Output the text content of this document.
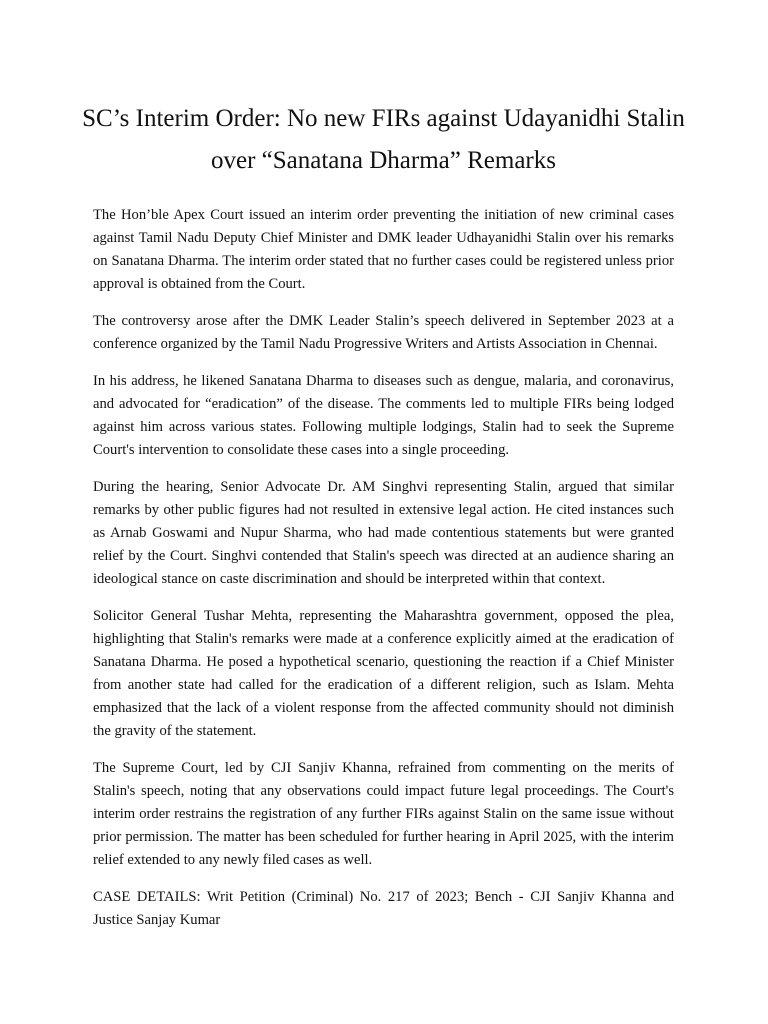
SC’s Interim Order: No new FIRs against Udayanidhi Stalin over “Sanatana Dharma” Remarks

The Hon’ble Apex Court issued an interim order preventing the initiation of new criminal cases against Tamil Nadu Deputy Chief Minister and DMK leader Udhayanidhi Stalin over his remarks on Sanatana Dharma. The interim order stated that no further cases could be registered unless prior approval is obtained from the Court.

The controversy arose after the DMK Leader Stalin’s speech delivered in September 2023 at a conference organized by the Tamil Nadu Progressive Writers and Artists Association in Chennai.

In his address, he likened Sanatana Dharma to diseases such as dengue, malaria, and coronavirus, and advocated for “eradication” of the disease. The comments led to multiple FIRs being lodged against him across various states. Following multiple lodgings, Stalin had to seek the Supreme Court's intervention to consolidate these cases into a single proceeding.

During the hearing, Senior Advocate Dr. AM Singhvi representing Stalin, argued that similar remarks by other public figures had not resulted in extensive legal action. He cited instances such as Arnab Goswami and Nupur Sharma, who had made contentious statements but were granted relief by the Court. Singhvi contended that Stalin's speech was directed at an audience sharing an ideological stance on caste discrimination and should be interpreted within that context.

Solicitor General Tushar Mehta, representing the Maharashtra government, opposed the plea, highlighting that Stalin's remarks were made at a conference explicitly aimed at the eradication of Sanatana Dharma. He posed a hypothetical scenario, questioning the reaction if a Chief Minister from another state had called for the eradication of a different religion, such as Islam. Mehta emphasized that the lack of a violent response from the affected community should not diminish the gravity of the statement.

The Supreme Court, led by CJI Sanjiv Khanna, refrained from commenting on the merits of Stalin's speech, noting that any observations could impact future legal proceedings. The Court's interim order restrains the registration of any further FIRs against Stalin on the same issue without prior permission. The matter has been scheduled for further hearing in April 2025, with the interim relief extended to any newly filed cases as well.

CASE DETAILS: Writ Petition (Criminal) No. 217 of 2023; Bench - CJI Sanjiv Khanna and Justice Sanjay Kumar
